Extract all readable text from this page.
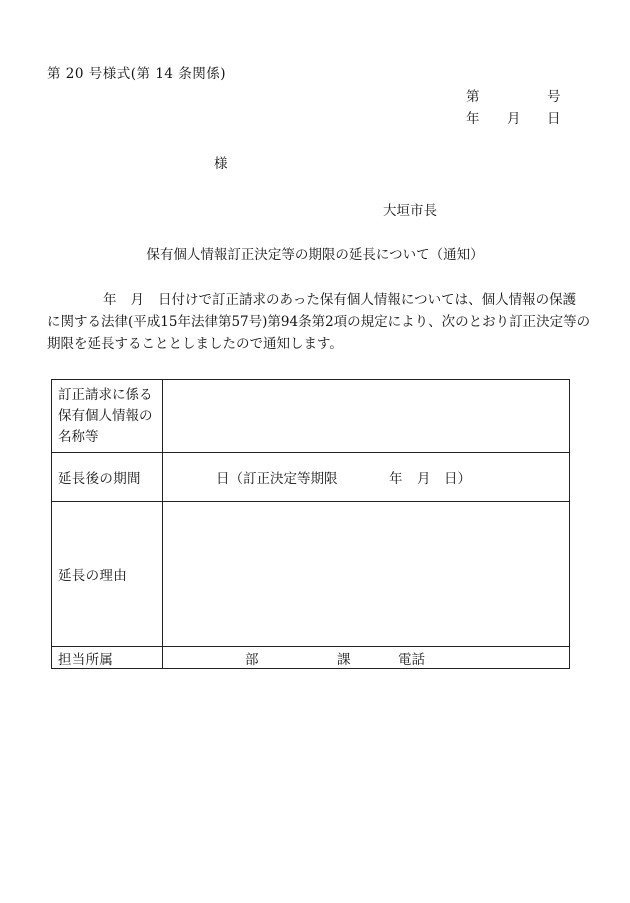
第 20 号様式(第 14 条関係)
第	号
年 月 日
様
大垣市長
保有個人情報訂正決定等の期限の延長について（通知）
年 月 日付けで訂正請求のあった保有個人情報については、個人情報の保護
に関する法律(平成15年法律第57号)第94条第2項の規定により、次のとおり訂正決定等の
期限を延長することとしましたので通知します。
訂正請求に係る
保有個人情報の
名称等	

延長後の期間	日（訂正決定等期限 年 月 日）

延長の理由	
担当所属	部 課 電話
